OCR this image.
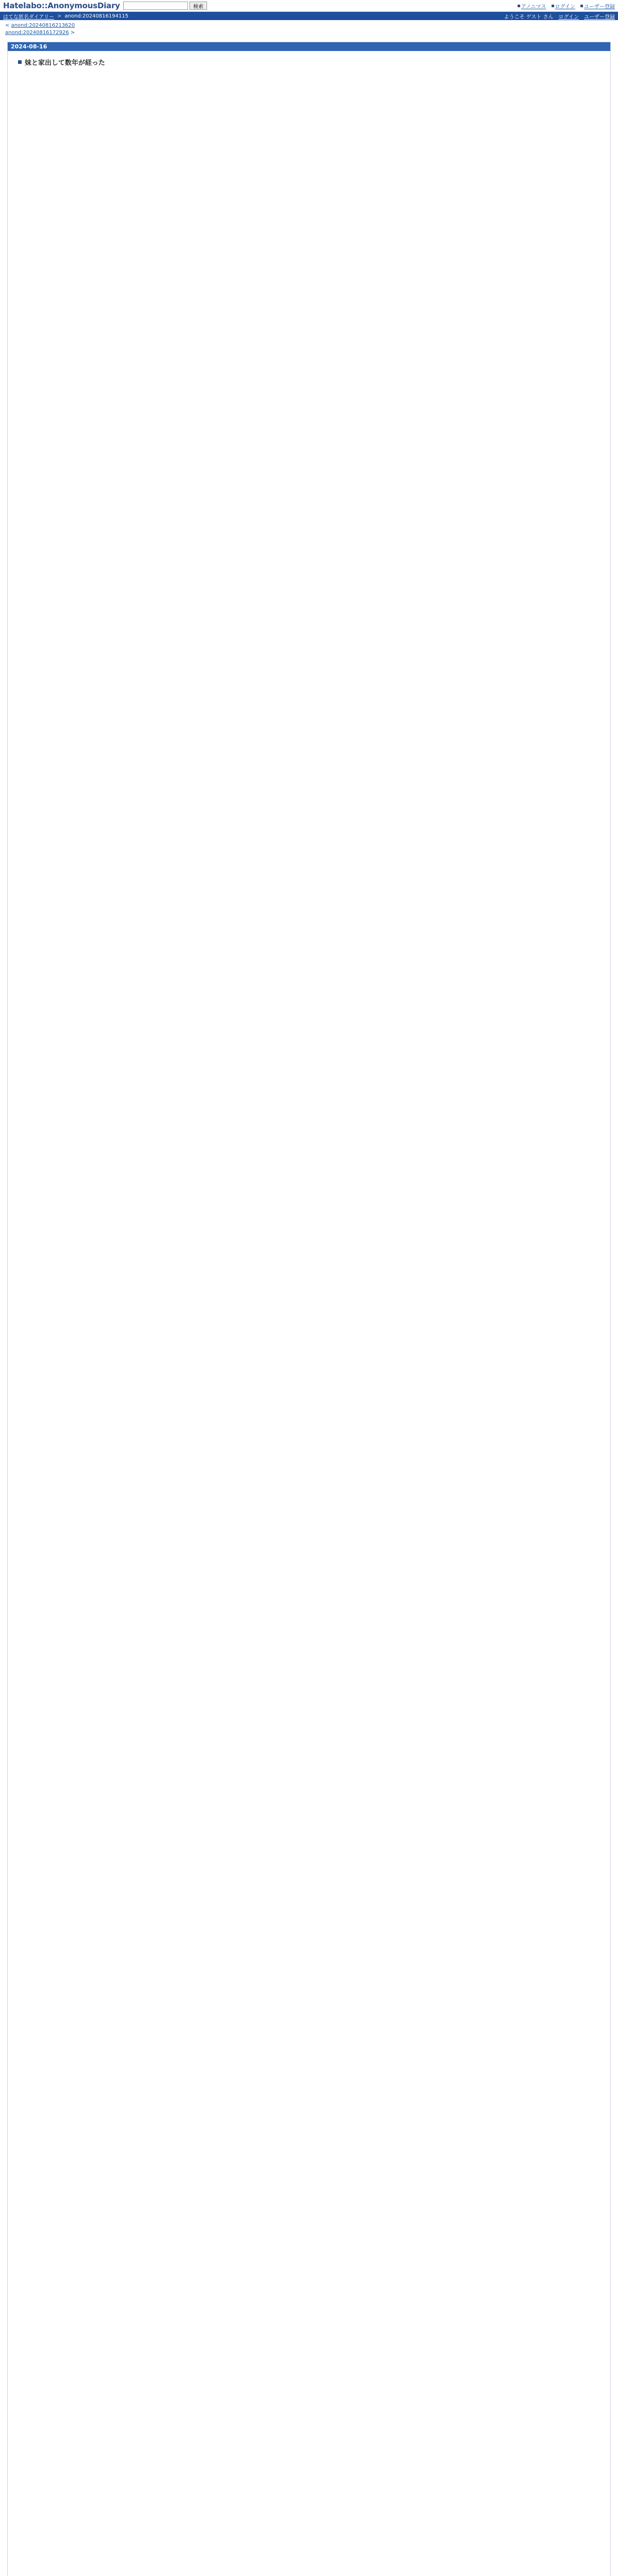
Hatelabo::AnonymousDiary	検索	アノニマス ログイン ユーザー登録
はてな匿名ダイアリー > anond:20240816194115	ようこそ ゲスト さん ログイン ユーザー登録
< anond:20240816213620
anond:20240816172926 >
2024-08-16
妹と家出して数年が経った
